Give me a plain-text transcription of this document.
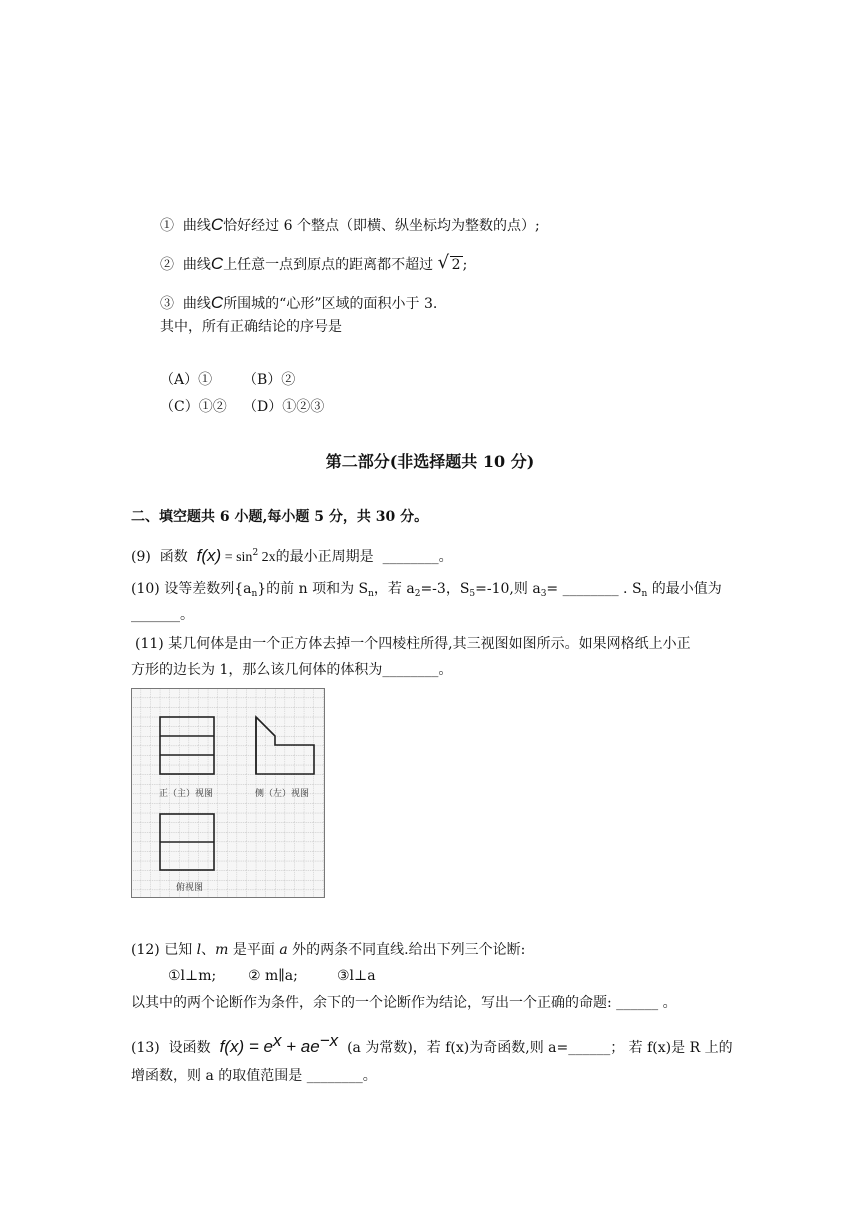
① 曲线C恰好经过 6 个整点（即横、纵坐标均为整数的点）;
② 曲线C上任意一点到原点的距离都不超过 √ 2 ;
③ 曲线C所围城的“心形”区域的面积小于 3.
其中，所有正确结论的序号是
（A）① （B）②
（C）①② （D）①②③
第二部分(非选择题共 10 分)
二、填空题共 6 小题,每小题 5 分，共 30 分。
(9) 函数 $f(x) = \sin^2 2x$的最小正周期是 ________。
(10) 设等差数列$\{a_n\}$的前 n 项和为 $S_n$，若 $a_2=-3$，$S_5=-10$,则 $a_3=$ ________ . $S_n$ 的最小值为
_______。
(11) 某几何体是由一个正方体去掉一个四棱柱所得,其三视图如图所示。如果网格纸上小正
方形的边长为 1，那么该几何体的体积为________。
正（主）视图	侧（左）视图
俯视图
(12) 已知 l、m 是平面 a 外的两条不同直线.给出下列三个论断:
①l⊥m; ② m∥a;	③l⊥a
以其中的两个论断作为条件，余下的一个论断作为结论，写出一个正确的命题: ______ 。
(13) 设函数 $f(x) = e^x + ae^{-x}$ (a 为常数)，若 f(x)为奇函数,则 a=______； 若 f(x)是 R 上的
增函数，则 a 的取值范围是 ________。
